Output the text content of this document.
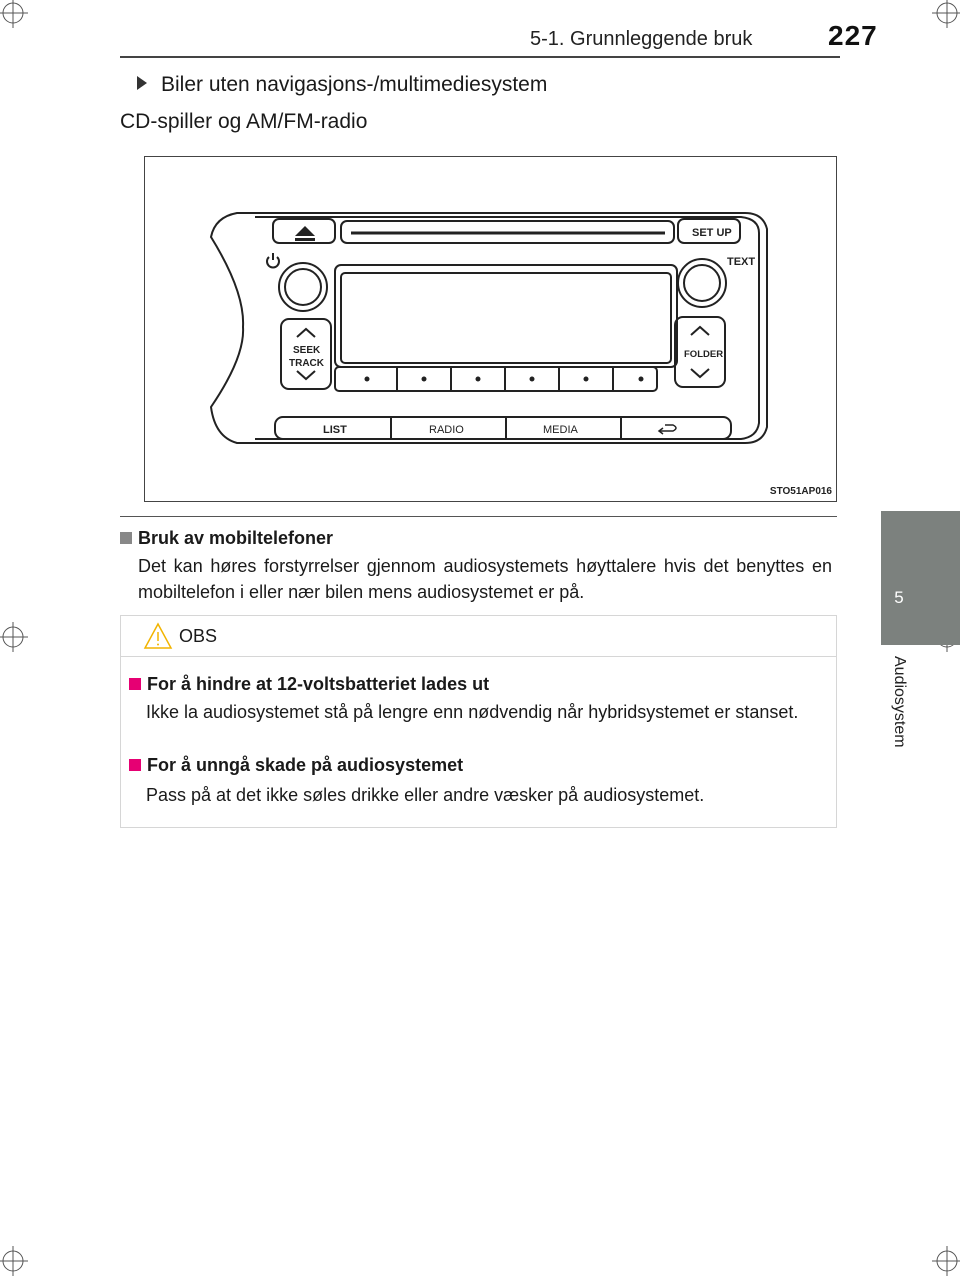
5-1. Grunnleggende bruk	227
5
Audiosystem
Biler uten navigasjons-/multimediesystem
CD-spiller og AM/FM-radio
SET UP
TEXT
SEEK
TRACK
FOLDER
LIST	RADIO	MEDIA
STO51AP016
Bruk av mobiltelefoner
Det kan høres forstyrrelser gjennom audiosystemets høyttalere hvis det benyttes en mobiltelefon i eller nær bilen mens audiosystemet er på.
OBS
For å hindre at 12-voltsbatteriet lades ut
Ikke la audiosystemet stå på lengre enn nødvendig når hybridsystemet er stanset.
For å unngå skade på audiosystemet
Pass på at det ikke søles drikke eller andre væsker på audiosystemet.
